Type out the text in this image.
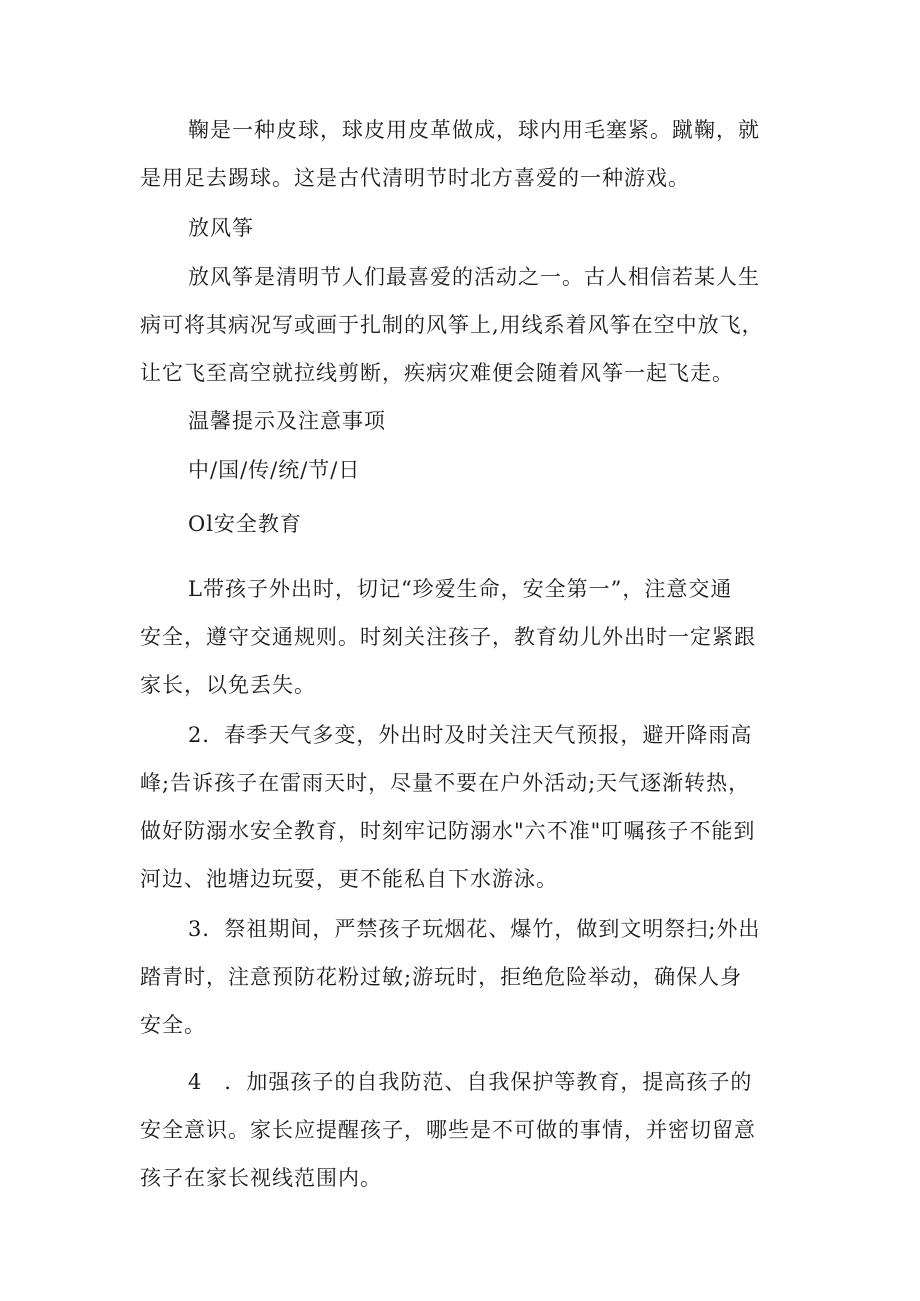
鞠是一种皮球，球皮用皮革做成，球内用毛塞紧。蹴鞠，就
是用足去踢球。这是古代清明节时北方喜爱的一种游戏。
放风筝
放风筝是清明节人们最喜爱的活动之一。古人相信若某人生
病可将其病况写或画于扎制的风筝上,用线系着风筝在空中放飞，
让它飞至高空就拉线剪断，疾病灾难便会随着风筝一起飞走。
温馨提示及注意事项
中/国/传/统/节/日
Ol安全教育
L带孩子外出时，切记“珍爱生命，安全第一”，注意交通
安全，遵守交通规则。时刻关注孩子，教育幼儿外出时一定紧跟
家长，以免丢失。
2．春季天气多变，外出时及时关注天气预报，避开降雨高
峰;告诉孩子在雷雨天时，尽量不要在户外活动;天气逐渐转热，
做好防溺水安全教育，时刻牢记防溺水"六不准"叮嘱孩子不能到
河边、池塘边玩耍，更不能私自下水游泳。
3．祭祖期间，严禁孩子玩烟花、爆竹，做到文明祭扫;外出
踏青时，注意预防花粉过敏;游玩时，拒绝危险举动，确保人身
安全。
4　．加强孩子的自我防范、自我保护等教育，提高孩子的
安全意识。家长应提醒孩子，哪些是不可做的事情，并密切留意
孩子在家长视线范围内。
